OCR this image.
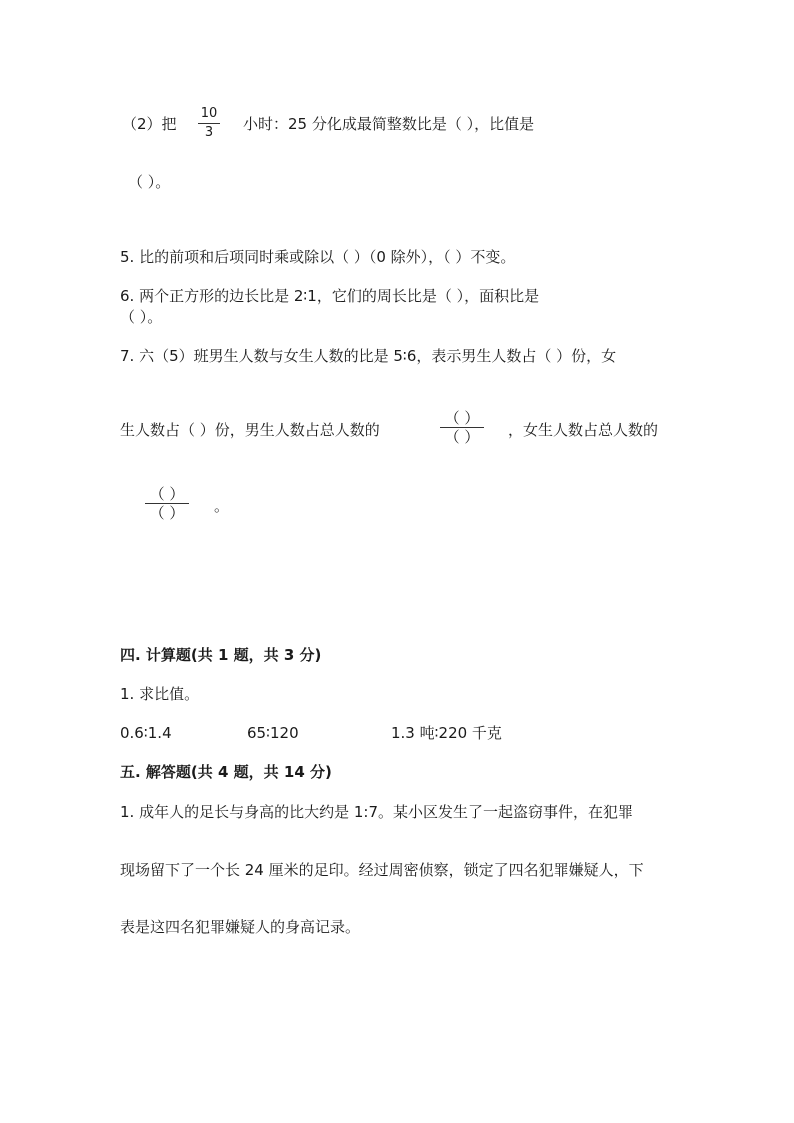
（2）把
10
3	小时：25 分化成最简整数比是（ ），比值是
（ ）。
5. 比的前项和后项同时乘或除以（ ）（0 除外），（ ）不变。
6. 两个正方形的边长比是 2∶1，它们的周长比是（ ），面积比是
（ ）。
7. 六（5）班男生人数与女生人数的比是 5∶6，表示男生人数占（ ）份，女
生人数占（ ）份，男生人数占总人数的
（ ）
（ ）	，女生人数占总人数的
（ ）
（ ）	。
四. 计算题(共 1 题，共 3 分)
1. 求比值。
0.6∶1.4	65∶120	1.3 吨∶220 千克
五. 解答题(共 4 题，共 14 分)
1. 成年人的足长与身高的比大约是 1:7。某小区发生了一起盗窃事件，在犯罪
现场留下了一个长 24 厘米的足印。经过周密侦察，锁定了四名犯罪嫌疑人，下
表是这四名犯罪嫌疑人的身高记录。
